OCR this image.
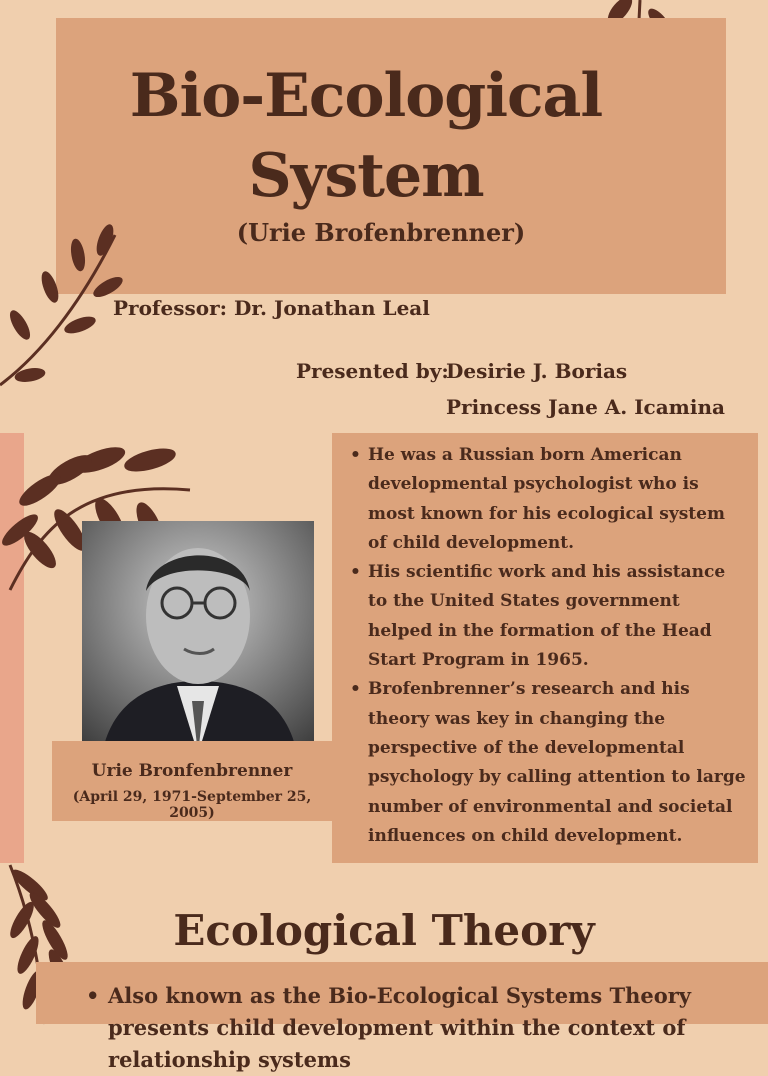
Bio-Ecological
System
(Urie Brofenbrenner)
Professor: Dr. Jonathan Leal
Presented by:
Desirie J. Borias
Princess Jane A. Icamina
Urie Bronfenbrenner
(April 29, 1971-September 25, 2005)
• He was a Russian born American developmental psychologist who is most known for his ecological system of child development.
• His scientific work and his assistance to the United States government helped in the formation of the Head Start Program in 1965.
• Brofenbrenner’s research and his theory was key in changing the perspective of the developmental psychology by calling attention to large number of environmental and societal influences on child development.
Ecological Theory
• Also known as the Bio-Ecological Systems Theory presents child development within the context of relationship systems
